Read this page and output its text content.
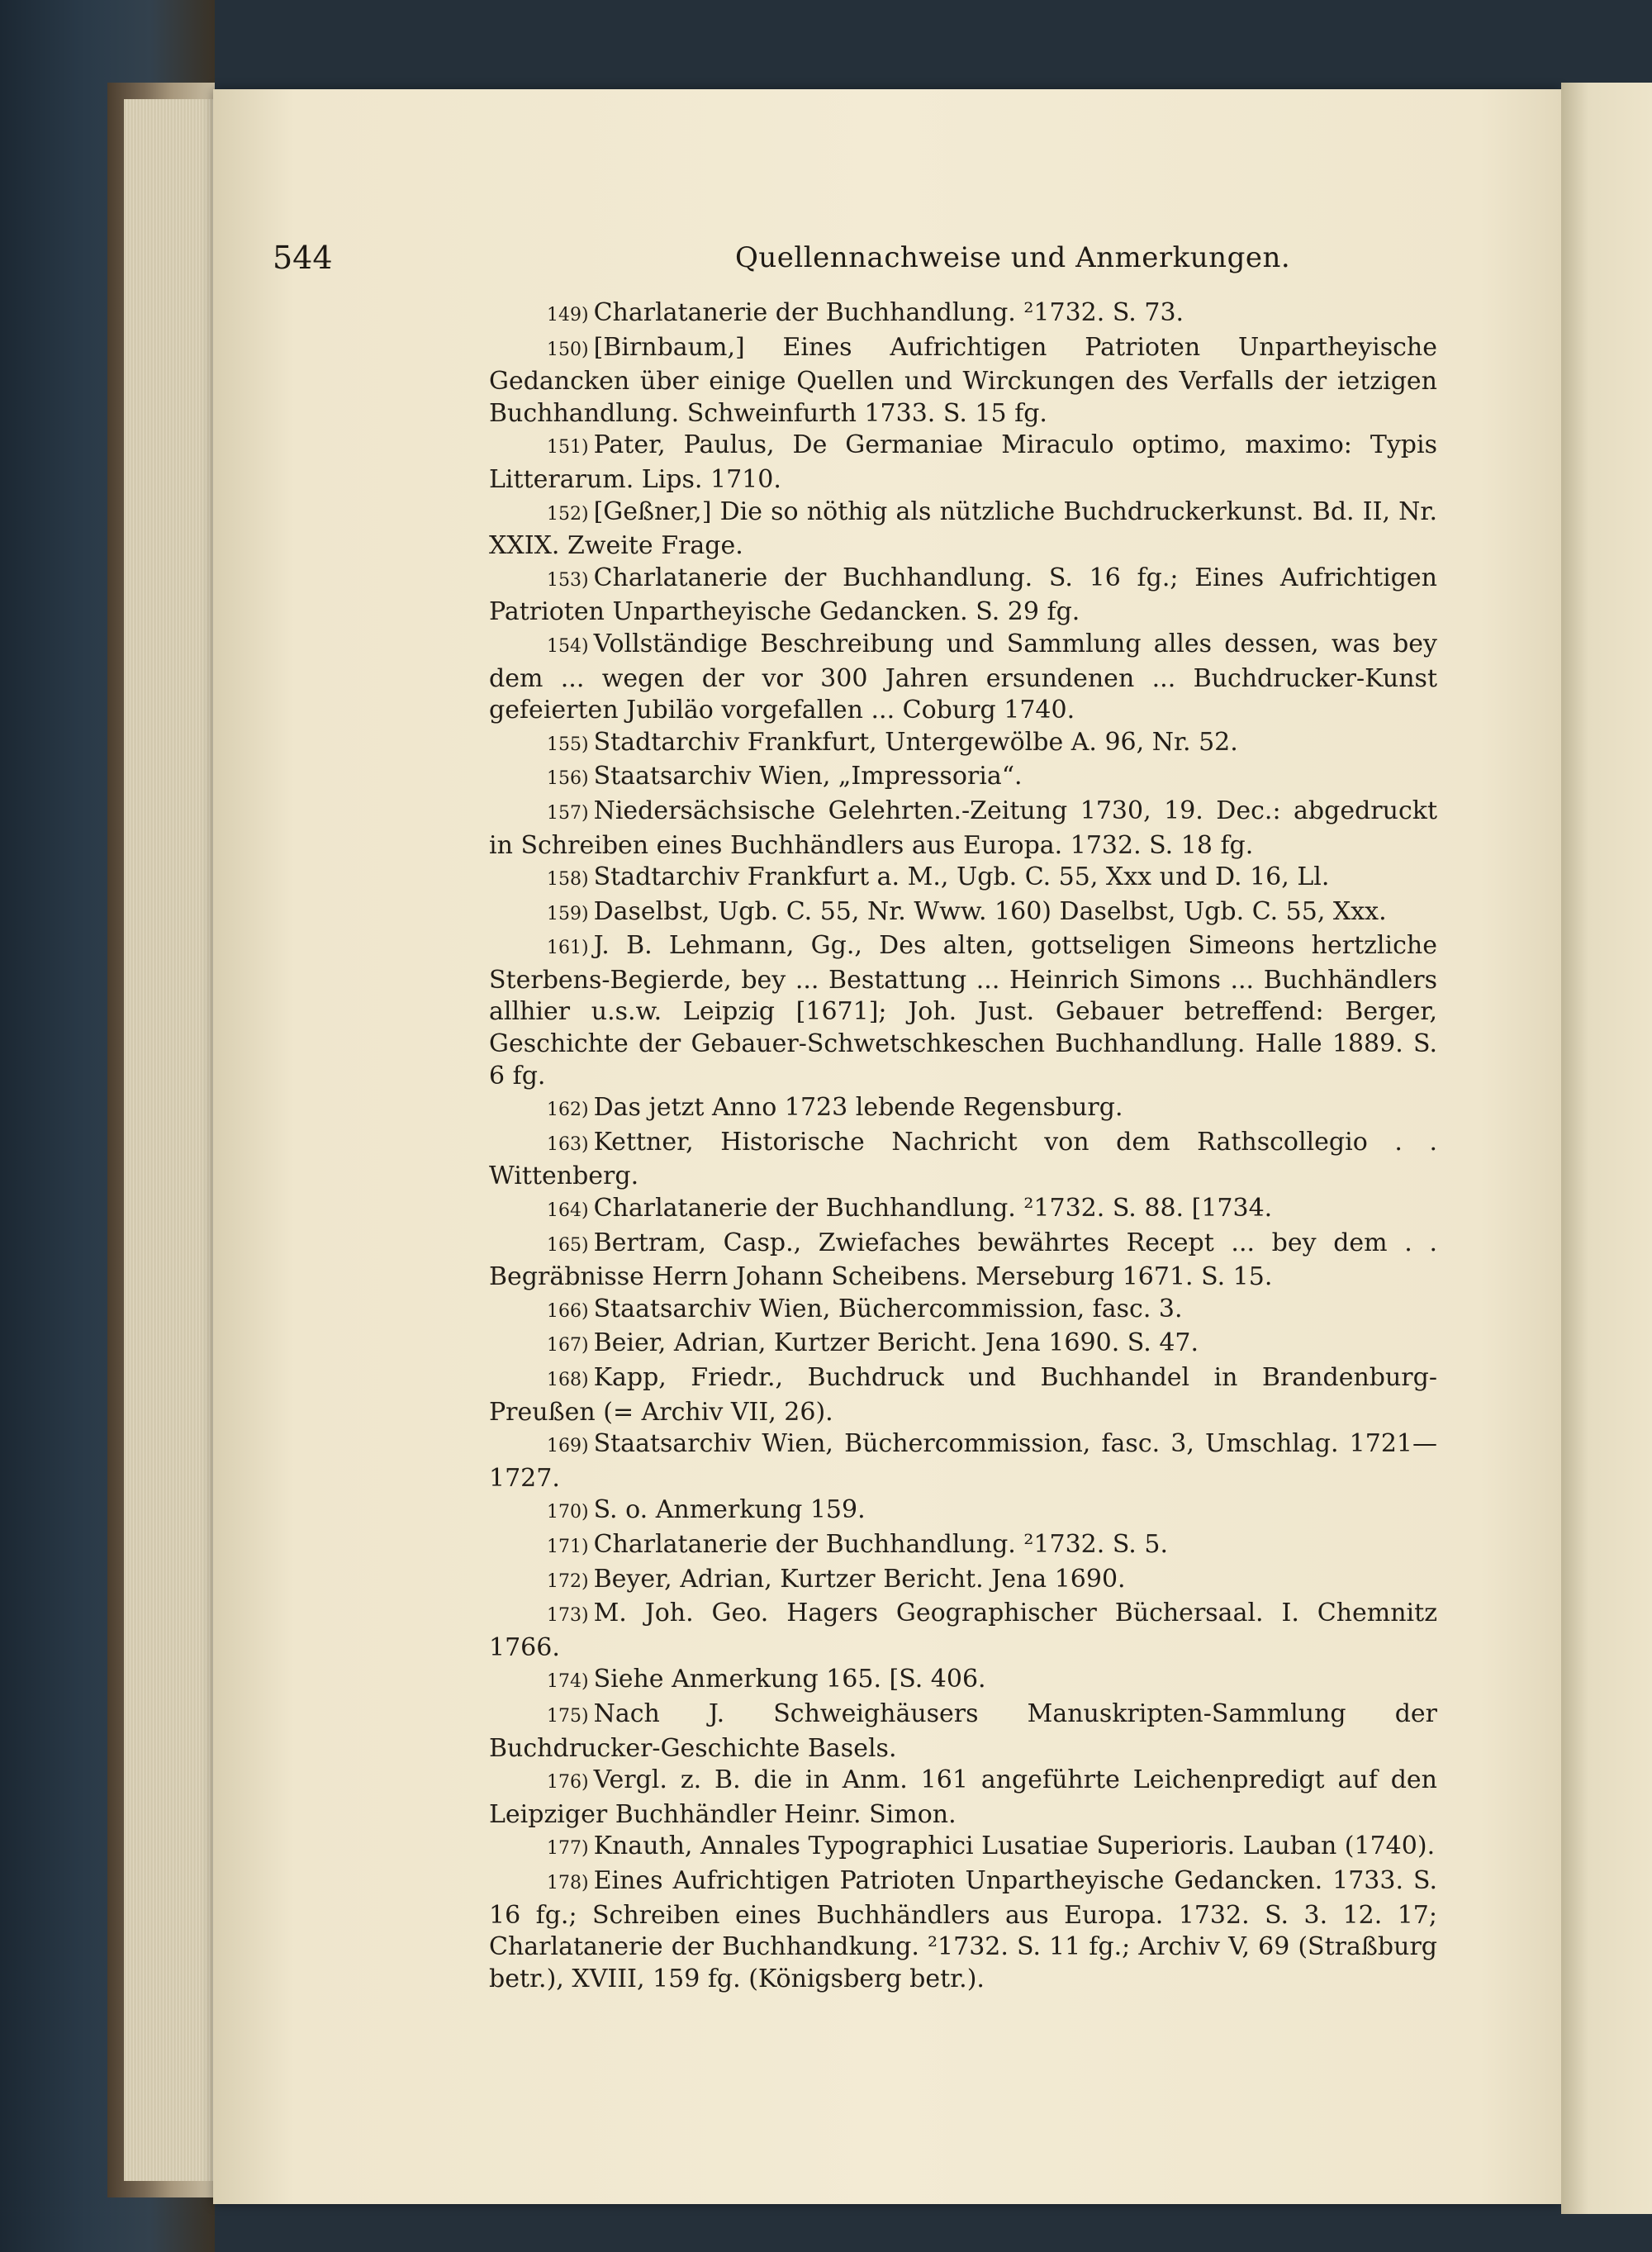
544	Quellennachweise und Anmerkungen.

149) Charlatanerie der Buchhandlung. ²1732. S. 73.

150) [Birnbaum,] Eines Aufrichtigen Patrioten Unpartheyische Gedancken über einige Quellen und Wirckungen des Verfalls der ietzigen Buchhandlung. Schweinfurth 1733. S. 15 fg.

151) Pater, Paulus, De Germaniae Miraculo optimo, maximo: Typis Litterarum. Lips. 1710.

152) [Geßner,] Die so nöthig als nützliche Buchdruckerkunst. Bd. II, Nr. XXIX. Zweite Frage.

153) Charlatanerie der Buchhandlung. S. 16 fg.; Eines Aufrichtigen Patrioten Unpartheyische Gedancken. S. 29 fg.

154) Vollständige Beschreibung und Sammlung alles dessen, was bey dem ... wegen der vor 300 Jahren ersundenen ... Buchdrucker-Kunst gefeierten Jubiläo vorgefallen ... Coburg 1740.

155) Stadtarchiv Frankfurt, Untergewölbe A. 96, Nr. 52.

156) Staatsarchiv Wien, „Impressoria“.

157) Niedersächsische Gelehrten.-Zeitung 1730, 19. Dec.: abgedruckt in Schreiben eines Buchhändlers aus Europa. 1732. S. 18 fg.

158) Stadtarchiv Frankfurt a. M., Ugb. C. 55, Xxx und D. 16, Ll.

159) Daselbst, Ugb. C. 55, Nr. Www. 160) Daselbst, Ugb. C. 55, Xxx.

161) J. B. Lehmann, Gg., Des alten, gottseligen Simeons hertzliche Sterbens-Begierde, bey ... Bestattung ... Heinrich Simons ... Buchhändlers allhier u.s.w. Leipzig [1671]; Joh. Just. Gebauer betreffend: Berger, Geschichte der Gebauer-Schwetschkeschen Buchhandlung. Halle 1889. S. 6 fg.

162) Das jetzt Anno 1723 lebende Regensburg.

163) Kettner, Historische Nachricht von dem Rathscollegio . . Wittenberg.

164) Charlatanerie der Buchhandlung. ²1732. S. 88. [1734.

165) Bertram, Casp., Zwiefaches bewährtes Recept ... bey dem . . Begräbnisse Herrn Johann Scheibens. Merseburg 1671. S. 15.

166) Staatsarchiv Wien, Büchercommission, fasc. 3.

167) Beier, Adrian, Kurtzer Bericht. Jena 1690. S. 47.

168) Kapp, Friedr., Buchdruck und Buchhandel in Brandenburg-Preußen (= Archiv VII, 26).

169) Staatsarchiv Wien, Büchercommission, fasc. 3, Umschlag. 1721—1727.

170) S. o. Anmerkung 159.

171) Charlatanerie der Buchhandlung. ²1732. S. 5.

172) Beyer, Adrian, Kurtzer Bericht. Jena 1690.

173) M. Joh. Geo. Hagers Geographischer Büchersaal. I. Chemnitz 1766.

174) Siehe Anmerkung 165. [S. 406.

175) Nach J. Schweighäusers Manuskripten-Sammlung der Buchdrucker-Geschichte Basels.

176) Vergl. z. B. die in Anm. 161 angeführte Leichenpredigt auf den Leipziger Buchhändler Heinr. Simon.

177) Knauth, Annales Typographici Lusatiae Superioris. Lauban (1740).

178) Eines Aufrichtigen Patrioten Unpartheyische Gedancken. 1733. S. 16 fg.; Schreiben eines Buchhändlers aus Europa. 1732. S. 3. 12. 17; Charlatanerie der Buchhandkung. ²1732. S. 11 fg.; Archiv V, 69 (Straßburg betr.), XVIII, 159 fg. (Königsberg betr.).
